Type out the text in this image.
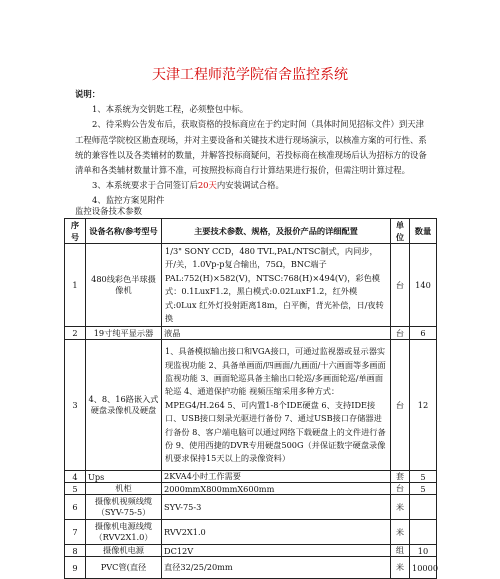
天津工程师范学院宿舍监控系统

说明：

1、本系统为交钥匙工程，必须整包中标。

2、待采购公告发布后，获取资格的投标商应在于约定时间（具体时间见招标文件）到天津工程师范学院校区勘查现场，并对主要设备和关键技术进行现场演示，以核准方案的可行性、系统的兼容性以及各类辅材的数量，并解答投标商疑问，若投标商在核准现场后认为招标方的设备清单和各类辅材数量计算不准，可按照投标商自行计算结果进行报价，但需注明计算过程。

3、本系统要求于合同签订后20天内安装调试合格。

4、监控方案见附件

监控设备技术参数
序号	设备名称/参考型号	主要技术参数、规格，及报价产品的详细配置	单位	数量
1	480线彩色半球摄像机	1/3" SONY CCD，480 TVL,PAL/NTSC制式，内同步，开/关，1.0Vp-p复合输出，75Ω，BNC端子 PAL:752(H)×582(V)，NTSC:768(H)×494(V)，彩色模式：0.1LuxF1.2，黑白模式:0.02LuxF1.2，红外模式:0Lux 红外灯投射距离18m，白平衡，背光补偿，日/夜转换	台	140
2	19寸纯平显示器	液晶	台	6
3	4、8、16路嵌入式硬盘录像机及硬盘	1、具备模拟输出接口和VGA接口，可通过监视器或显示器实现监视功能 2、具备单画面/四画面/九画面/十六画面等多画面监视功能 3、画面轮巡具备主输出口轮巡/多画面轮巡/单画面轮巡 4、通道保护功能 视频压缩采用多种方式：MPEG4/H.264 5、可内置1-8个IDE硬盘 6、支持IDE接口、USB接口刻录光驱进行备份 7、通过USB接口存储器进行备份 8、客户端电脑可以通过网络下载硬盘上的文件进行备份 9、使用西捷的DVR专用硬盘500G（并保证数字硬盘录像机要求保持15天以上的录像资料）	台	12
4	Ups	2KVA4小时工作需要	套	5
5	机柜	2000mmX800mmX600mm	台	5
6	摄像机视频线缆（SYV-75-5）	SYV-75-3	米	
7	摄像机电源线缆（RVV2X1.0）	RVV2X1.0	米	
8	摄像机电源	DC12V	组	10
9	PVC管(直径	直径32/25/20mm	米	10000
